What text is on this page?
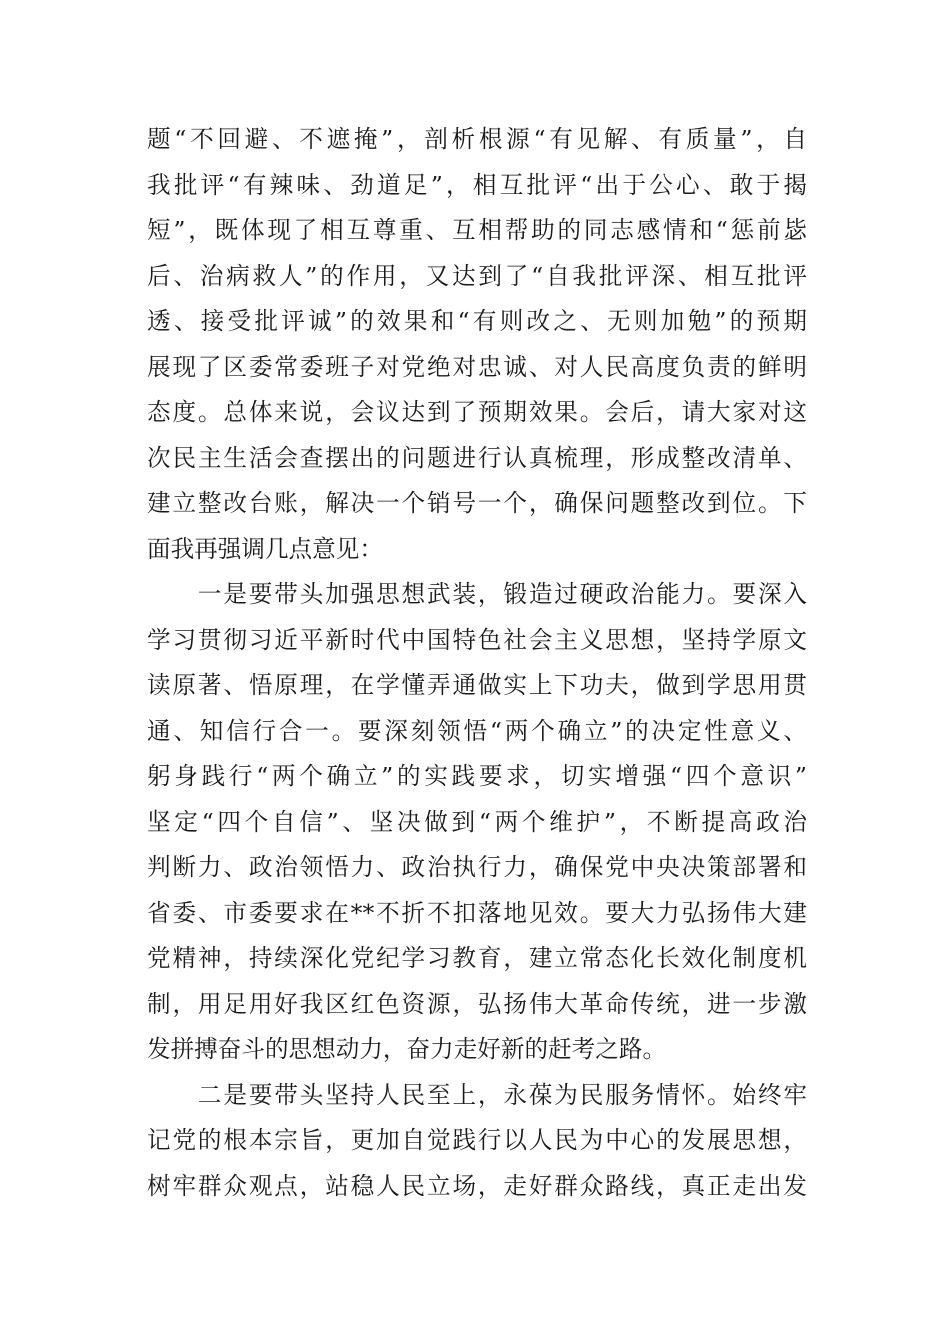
题“不回避、不遮掩”，剖析根源“有见解、有质量”，自
我批评“有辣味、劲道足”，相互批评“出于公心、敢于揭
短”，既体现了相互尊重、互相帮助的同志感情和“惩前毖
后、治病救人”的作用，又达到了“自我批评深、相互批评
透、接受批评诚”的效果和“有则改之、无则加勉”的预期
展现了区委常委班子对党绝对忠诚、对人民高度负责的鲜明
态度。总体来说，会议达到了预期效果。会后，请大家对这
次民主生活会查摆出的问题进行认真梳理，形成整改清单、
建立整改台账，解决一个销号一个，确保问题整改到位。下
面我再强调几点意见：
　　一是要带头加强思想武装，锻造过硬政治能力。要深入
学习贯彻习近平新时代中国特色社会主义思想，坚持学原文
读原著、悟原理，在学懂弄通做实上下功夫，做到学思用贯
通、知信行合一。要深刻领悟“两个确立”的决定性意义、
躬身践行“两个确立”的实践要求，切实增强“四个意识”
坚定“四个自信”、坚决做到“两个维护”，不断提高政治
判断力、政治领悟力、政治执行力，确保党中央决策部署和
省委、市委要求在**不折不扣落地见效。要大力弘扬伟大建
党精神，持续深化党纪学习教育，建立常态化长效化制度机
制，用足用好我区红色资源，弘扬伟大革命传统，进一步激
发拼搏奋斗的思想动力，奋力走好新的赶考之路。
　　二是要带头坚持人民至上，永葆为民服务情怀。始终牢
记党的根本宗旨，更加自觉践行以人民为中心的发展思想，
树牢群众观点，站稳人民立场，走好群众路线，真正走出发
